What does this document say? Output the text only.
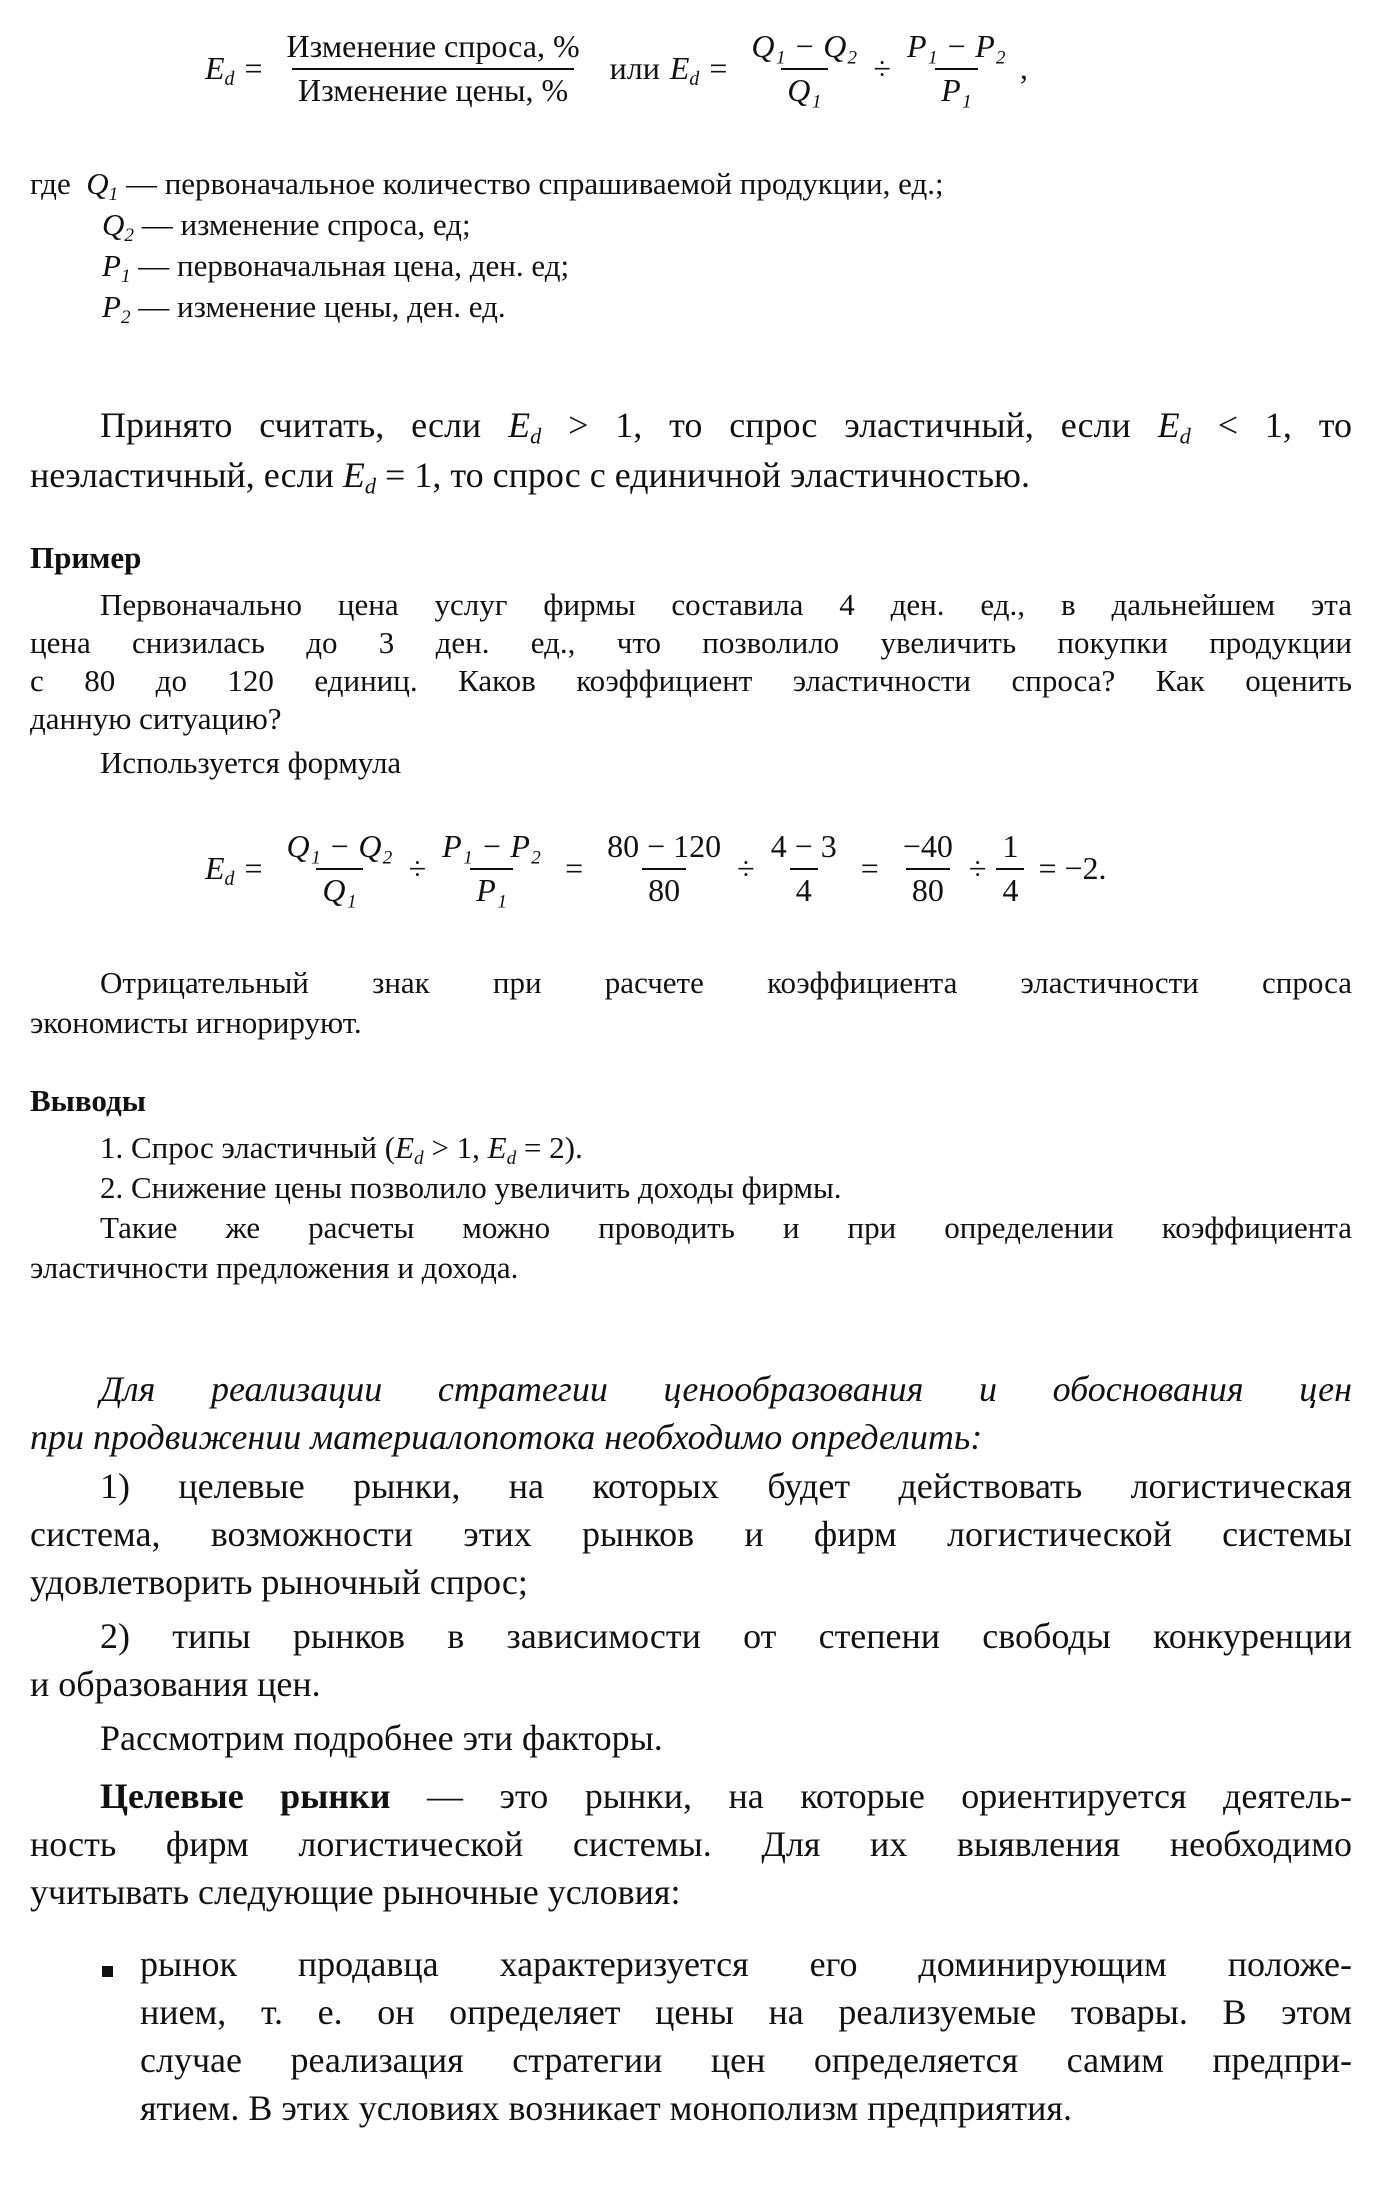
$E_d = \frac{\text{Изменение спроса, \%}}{\text{Изменение цены, \%}}$ или $E_d = \frac{\text{Q₁ − Q₂}}{\text{Q₁}} \div \frac{\text{P₁ − P₂}}{\text{P₁}}$ ,
где $Q_1$ — первоначальное количество спрашиваемой продукции, ед.;
$Q_2$ — изменение спроса, ед;
$P_1$ — первоначальная цена, ден. ед;
$P_2$ — изменение цены, ден. ед.
Принято считать, если $E_d > 1$, то спрос эластичный, если $E_d < 1$, то
неэластичный, если $E_d = 1$, то спрос с единичной эластичностью.
Пример
Первоначально цена услуг фирмы составила 4 ден. ед., в дальнейшем эта
цена снизилась до 3 ден. ед., что позволило увеличить покупки продукции
с 80 до 120 единиц. Каков коэффициент эластичности спроса? Как оценить
данную ситуацию?
Используется формула
$E_d = \frac{\text{Q₁ − Q₂}}{\text{Q₁}} \div \frac{\text{P₁ − P₂}}{\text{P₁}} = \frac{80 - 120}{80} \div \frac{4 - 3}{4} = \frac{-40}{80} \div \frac{1}{4} = -2$.
Отрицательный знак при расчете коэффициента эластичности спроса
экономисты игнорируют.
Выводы
1. Спрос эластичный ($E_d > 1$, $E_d = 2$).
2. Снижение цены позволило увеличить доходы фирмы.
Такие же расчеты можно проводить и при определении коэффициента
эластичности предложения и дохода.
Для реализации стратегии ценообразования и обоснования цен
при продвижении материалопотока необходимо определить:
1) целевые рынки, на которых будет действовать логистическая
система, возможности этих рынков и фирм логистической системы
удовлетворить рыночный спрос;
2) типы рынков в зависимости от степени свободы конкуренции
и образования цен.
Рассмотрим подробнее эти факторы.
Целевые рынки — это рынки, на которые ориентируется деятель-
ность фирм логистической системы. Для их выявления необходимо
учитывать следующие рыночные условия:
рынок продавца характеризуется его доминирующим положе-
нием, т. е. он определяет цены на реализуемые товары. В этом
случае реализация стратегии цен определяется самим предпри-
ятием. В этих условиях возникает монополизм предприятия.
